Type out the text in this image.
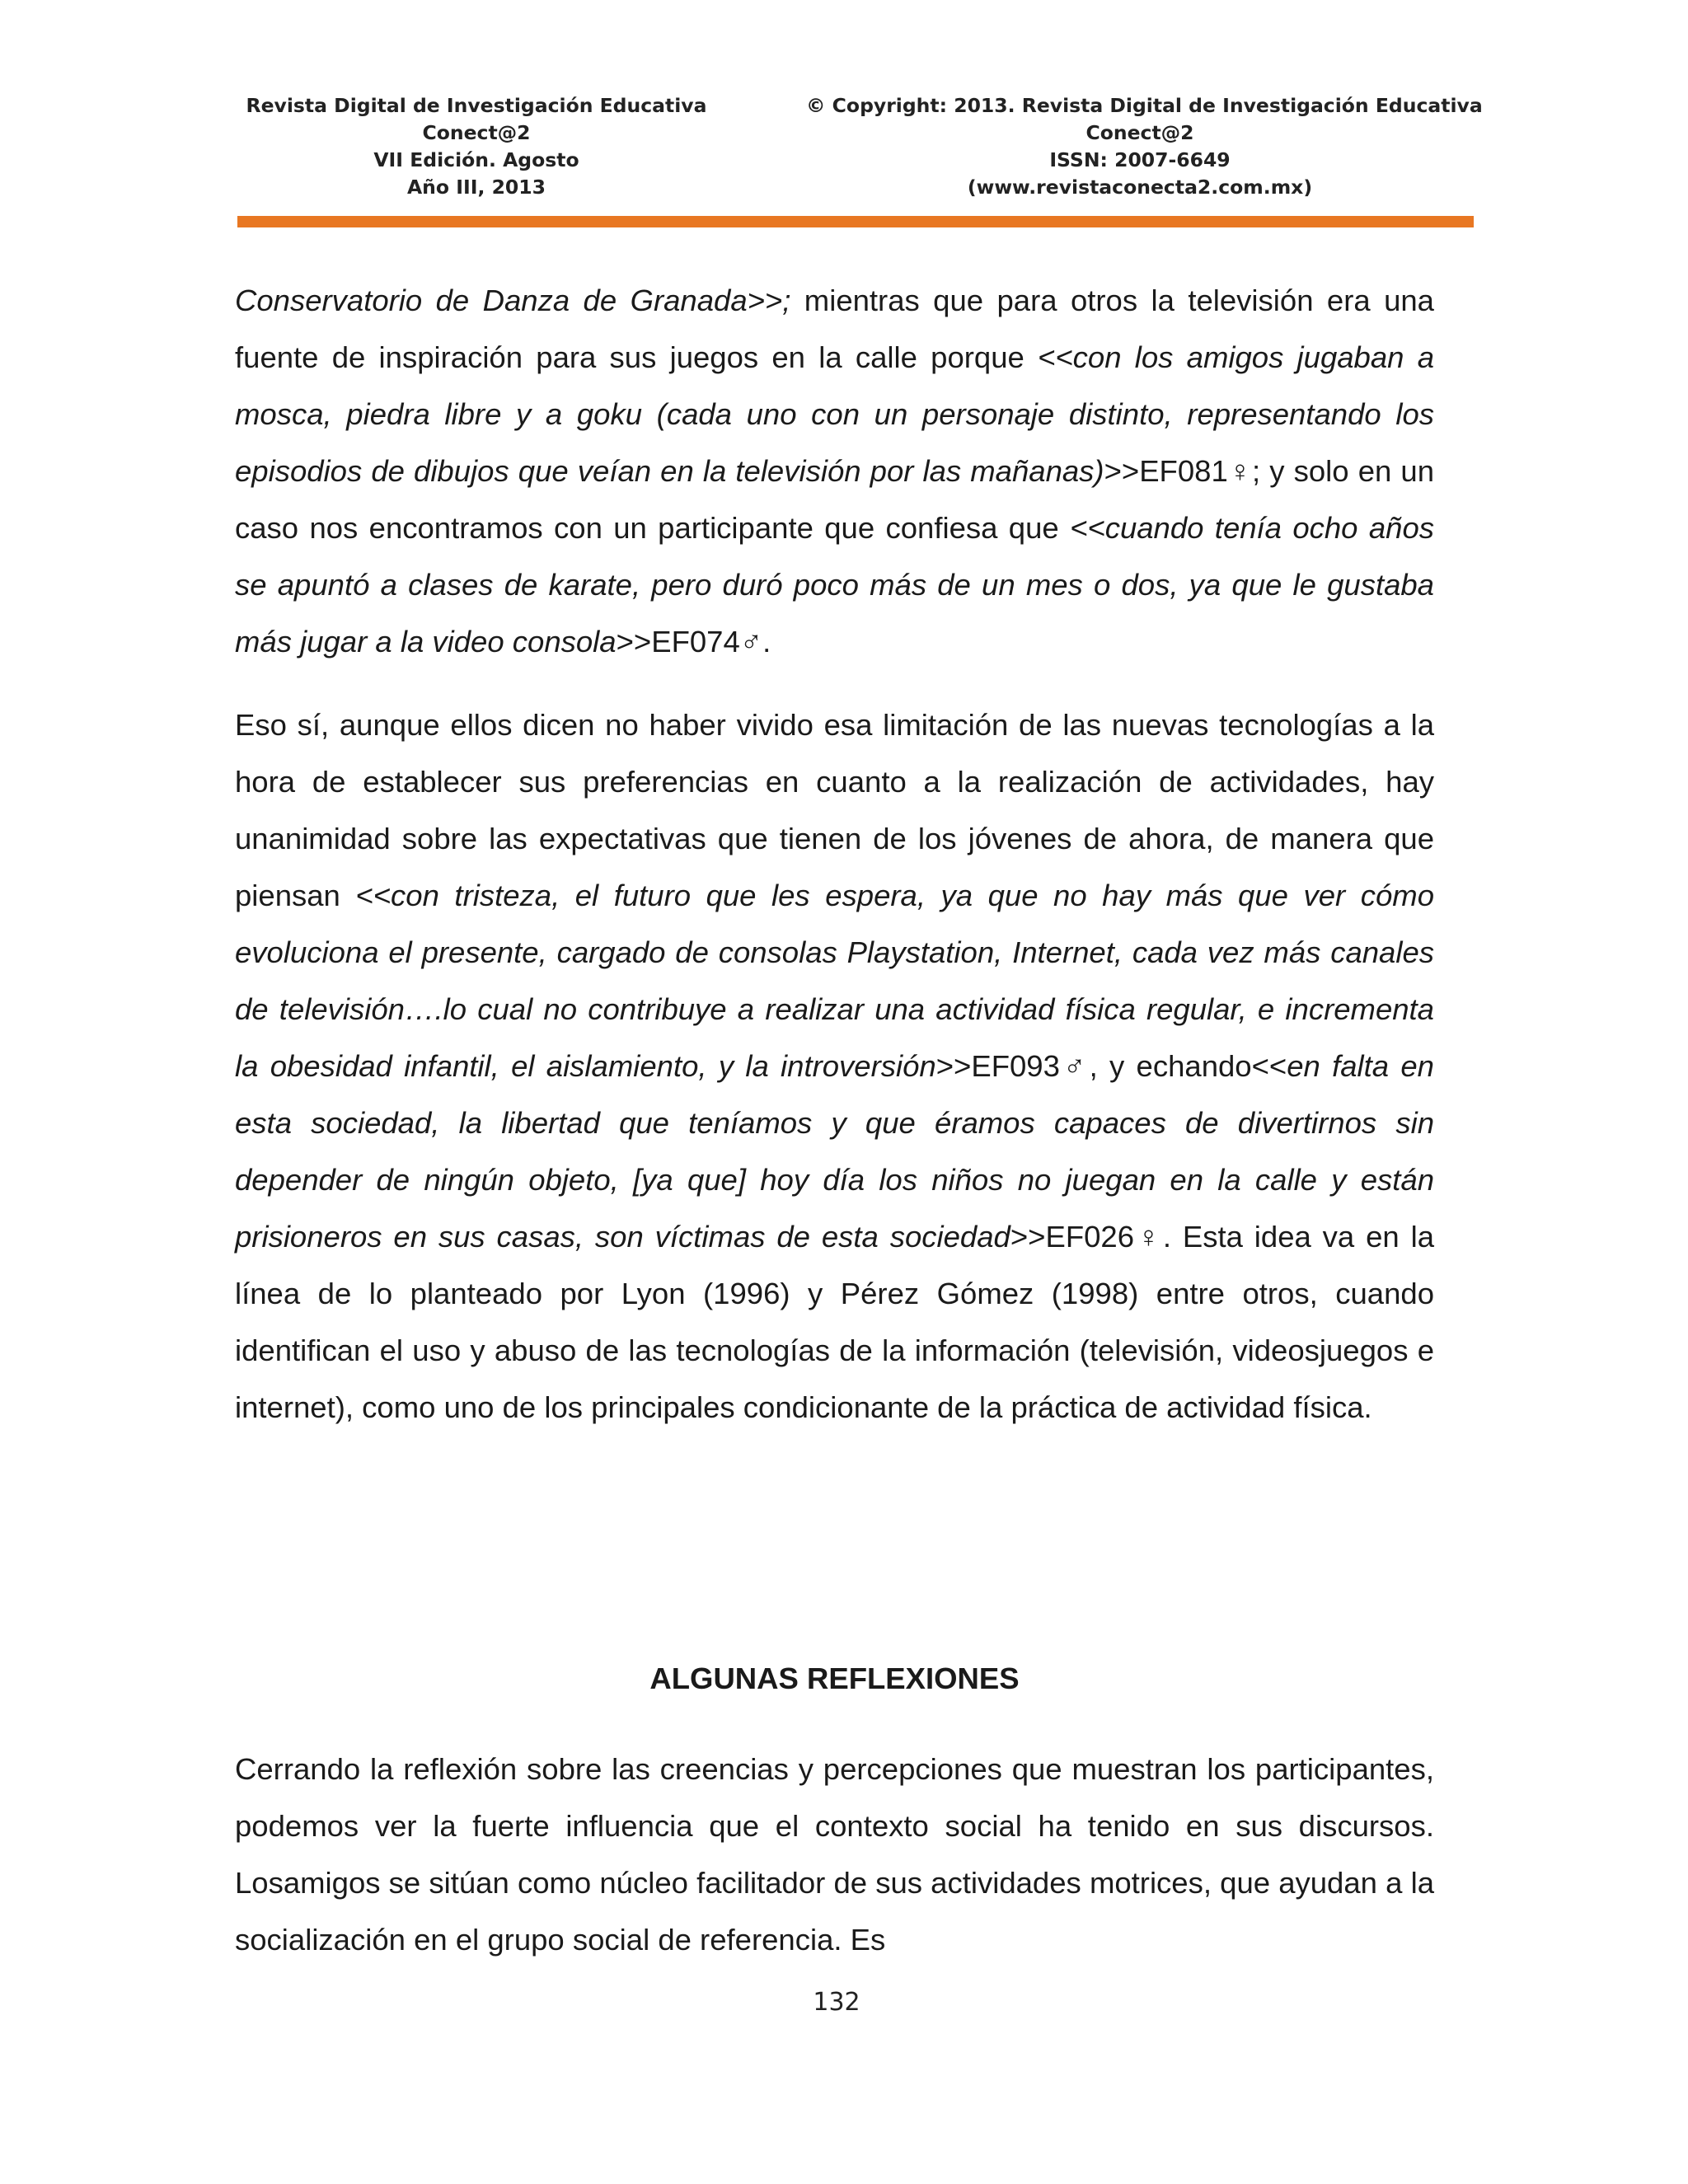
Revista Digital de Investigación Educativa
Conect@2
VII Edición. Agosto
Año III, 2013
© Copyright: 2013. Revista Digital de Investigación Educativa
Conect@2
ISSN: 2007-6649
(www.revistaconecta2.com.mx)

Conservatorio de Danza de Granada>>; mientras que para otros la televisión era una fuente de inspiración para sus juegos en la calle porque <<con los amigos jugaban a mosca, piedra libre y a goku (cada uno con un personaje distinto, representando los episodios de dibujos que veían en la televisión por las mañanas)>>EF081♀; y solo en un caso nos encontramos con un participante que confiesa que <<cuando tenía ocho años se apuntó a clases de karate, pero duró poco más de un mes o dos, ya que le gustaba más jugar a la video consola>>EF074♂.

Eso sí, aunque ellos dicen no haber vivido esa limitación de las nuevas tecnologías a la hora de establecer sus preferencias en cuanto a la realización de actividades, hay unanimidad sobre las expectativas que tienen de los jóvenes de ahora, de manera que piensan <<con tristeza, el futuro que les espera, ya que no hay más que ver cómo evoluciona el presente, cargado de consolas Playstation, Internet, cada vez más canales de televisión….lo cual no contribuye a realizar una actividad física regular, e incrementa la obesidad infantil, el aislamiento, y la introversión>>EF093♂, y echando<<en falta en esta sociedad, la libertad que teníamos y que éramos capaces de divertirnos sin depender de ningún objeto, [ya que] hoy día los niños no juegan en la calle y están prisioneros en sus casas, son víctimas de esta sociedad>>EF026♀. Esta idea va en la línea de lo planteado por Lyon (1996) y Pérez Gómez (1998) entre otros, cuando identifican el uso y abuso de las tecnologías de la información (televisión, videosjuegos e internet), como uno de los principales condicionante de la práctica de actividad física.

ALGUNAS REFLEXIONES

Cerrando la reflexión sobre las creencias y percepciones que muestran los participantes, podemos ver la fuerte influencia que el contexto social ha tenido en sus discursos. Losamigos se sitúan como núcleo facilitador de sus actividades motrices, que ayudan a la socialización en el grupo social de referencia. Es

132
